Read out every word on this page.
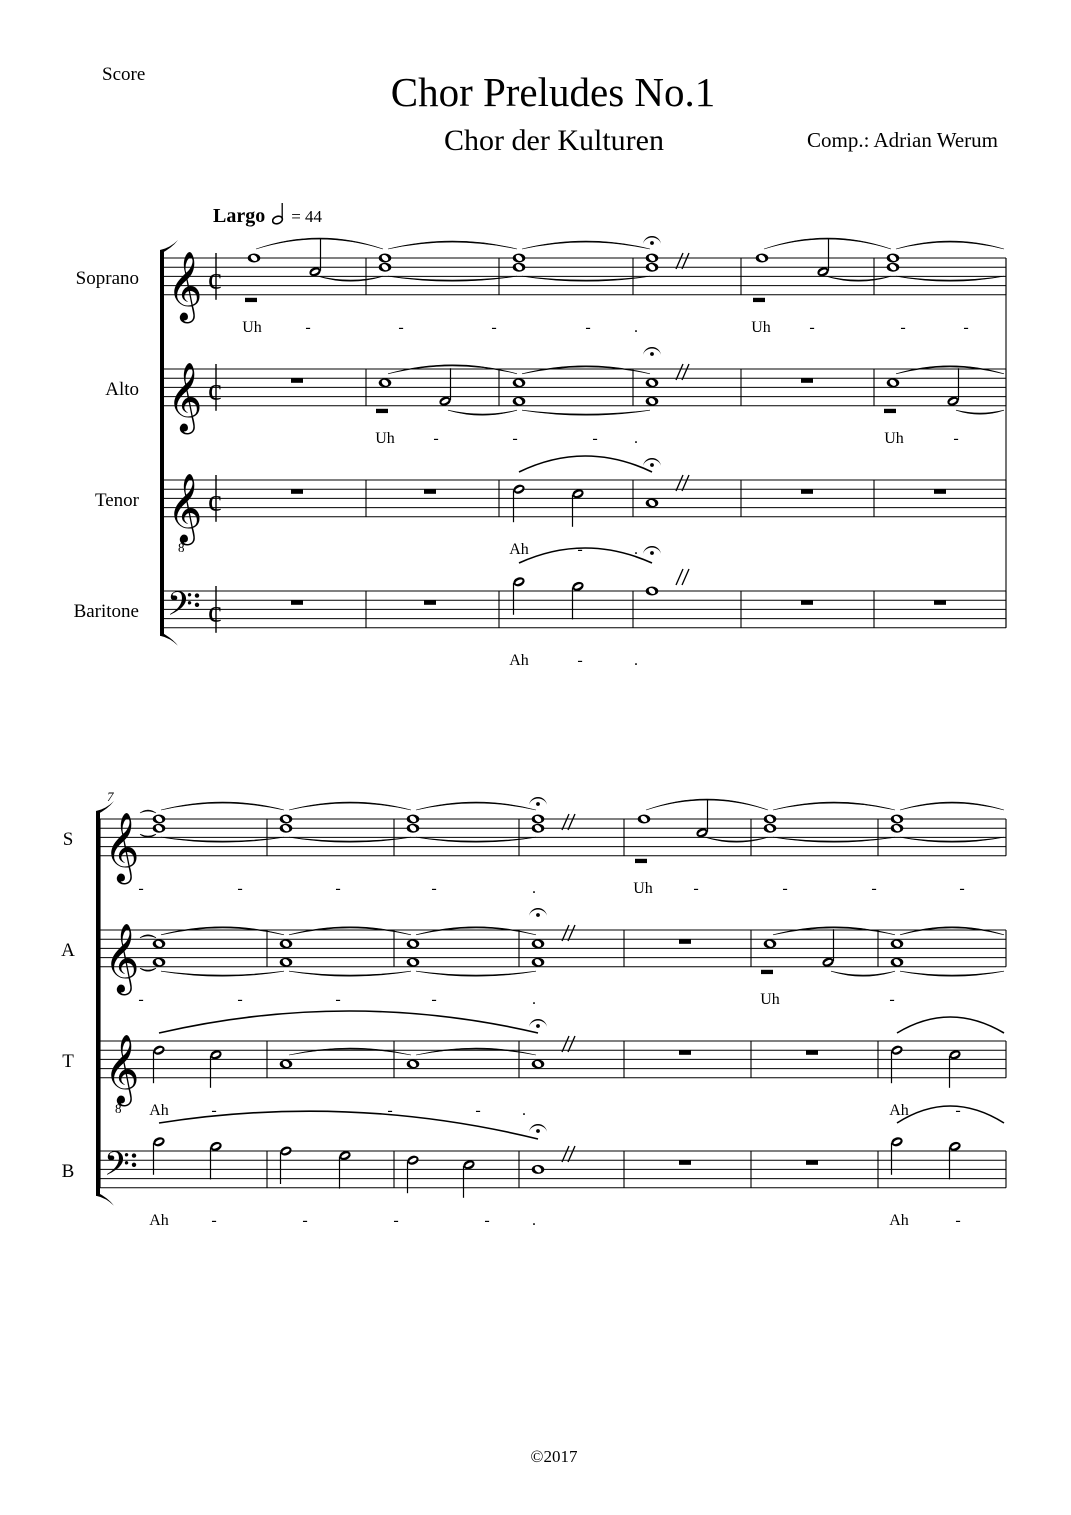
Score	Chor Preludes No.1
Chor der Kulturen	Comp.: Adrian Werum
Largo = 44
Soprano 𝄞 c
Alto 𝄞 c
Tenor 𝄞
8
c
Baritone 𝄢 c
Uh	-	-	-	-	.	Uh -	-	-
Uh -	-	- .	Uh	-
Ah	-	.
Ah	-	.
S 𝄞
A 𝄞
T 𝄞
8
B 𝄢
7
-	-	-	-	.	Uh	-	-	-	-
-	-	-	-	.	Uh	-
Ah	-	-	-	-	.	Ah	-
Ah	-	-	-	-	.	Ah	-
©2017
